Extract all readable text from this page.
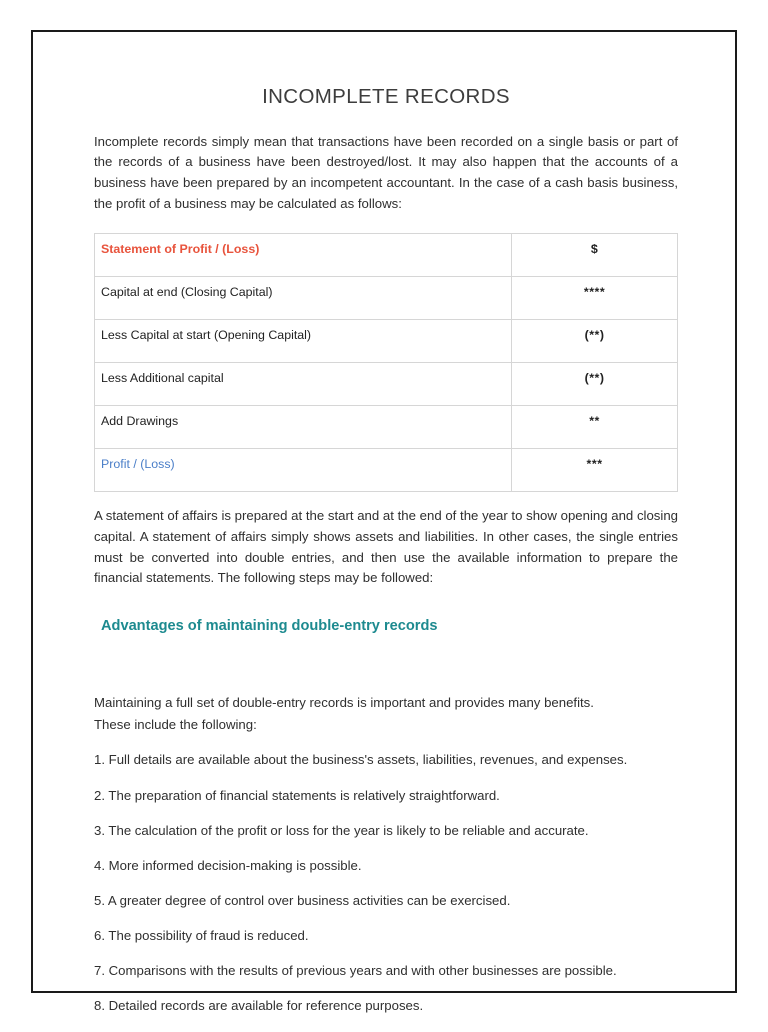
INCOMPLETE RECORDS

Incomplete records simply mean that transactions have been recorded on a single basis or part of the records of a business have been destroyed/lost. It may also happen that the accounts of a business have been prepared by an incompetent accountant. In the case of a cash basis business, the profit of a business may be calculated as follows:

Statement of Profit / (Loss)	$
Capital at end (Closing Capital)	****
Less Capital at start (Opening Capital)	(**)
Less Additional capital	(**)
Add Drawings	**
Profit / (Loss)	***

A statement of affairs is prepared at the start and at the end of the year to show opening and closing capital. A statement of affairs simply shows assets and liabilities. In other cases, the single entries must be converted into double entries, and then use the available information to prepare the financial statements. The following steps may be followed:

Advantages of maintaining double-entry records

Maintaining a full set of double-entry records is important and provides many benefits.
These include the following:

1. Full details are available about the business's assets, liabilities, revenues, and expenses.

2. The preparation of financial statements is relatively straightforward.

3. The calculation of the profit or loss for the year is likely to be reliable and accurate.

4. More informed decision-making is possible.

5. A greater degree of control over business activities can be exercised.

6. The possibility of fraud is reduced.

7. Comparisons with the results of previous years and with other businesses are possible.

8. Detailed records are available for reference purposes.
